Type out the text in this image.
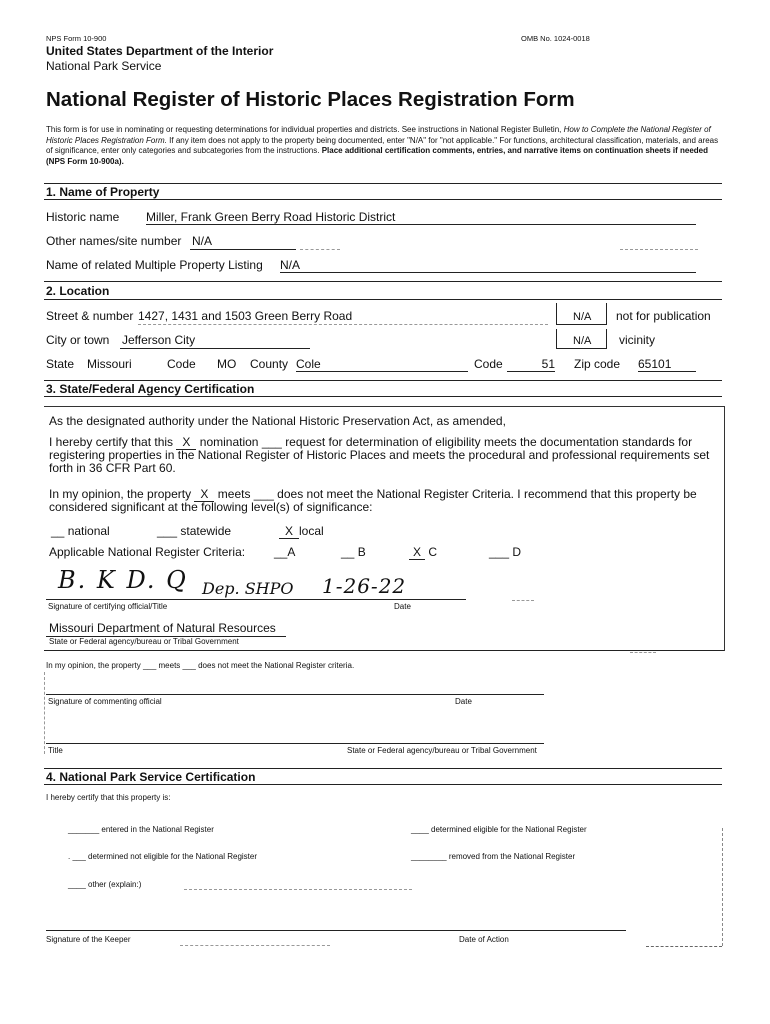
NPS Form 10-900	OMB No. 1024-0018
United States Department of the Interior
National Park Service
National Register of Historic Places Registration Form
This form is for use in nominating or requesting determinations for individual properties and districts. See instructions in National Register Bulletin, How to Complete the National Register of Historic Places Registration Form. If any item does not apply to the property being documented, enter "N/A" for "not applicable." For functions, architectural classification, materials, and areas of significance, enter only categories and subcategories from the instructions. Place additional certification comments, entries, and narrative items on continuation sheets if needed (NPS Form 10-900a).
1. Name of Property
Historic name Miller, Frank Green Berry Road Historic District
Other names/site number N/A
Name of related Multiple Property Listing N/A
2. Location
Street & number 1427, 1431 and 1503 Green Berry Road	N/A not for publication
City or town Jefferson City	N/A vicinity
State Missouri	Code MO County Cole	Code	51 Zip code 65101
3. State/Federal Agency Certification
As the designated authority under the National Historic Preservation Act, as amended,
I hereby certify that this X nomination ___ request for determination of eligibility meets the documentation standards for registering properties in the National Register of Historic Places and meets the procedural and professional requirements set forth in 36 CFR Part 60.
In my opinion, the property X meets ___ does not meet the National Register Criteria. I recommend that this property be considered significant at the following level(s) of significance:
__ national	___ statewide	X local
Applicable National Register Criteria: __A	__ B	X C	___ D
B. K D. Q Dep. SHPO 1-26-22
Signature of certifying official/Title	Date
Missouri Department of Natural Resources
State or Federal agency/bureau or Tribal Government
In my opinion, the property ___ meets ___ does not meet the National Register criteria.
Signature of commenting official	Date
Title	State or Federal agency/bureau or Tribal Government
4. National Park Service Certification
I hereby certify that this property is:
_______ entered in the National Register	____ determined eligible for the National Register
. ___ determined not eligible for the National Register	________ removed from the National Register
____ other (explain:)
Signature of the Keeper	Date of Action
